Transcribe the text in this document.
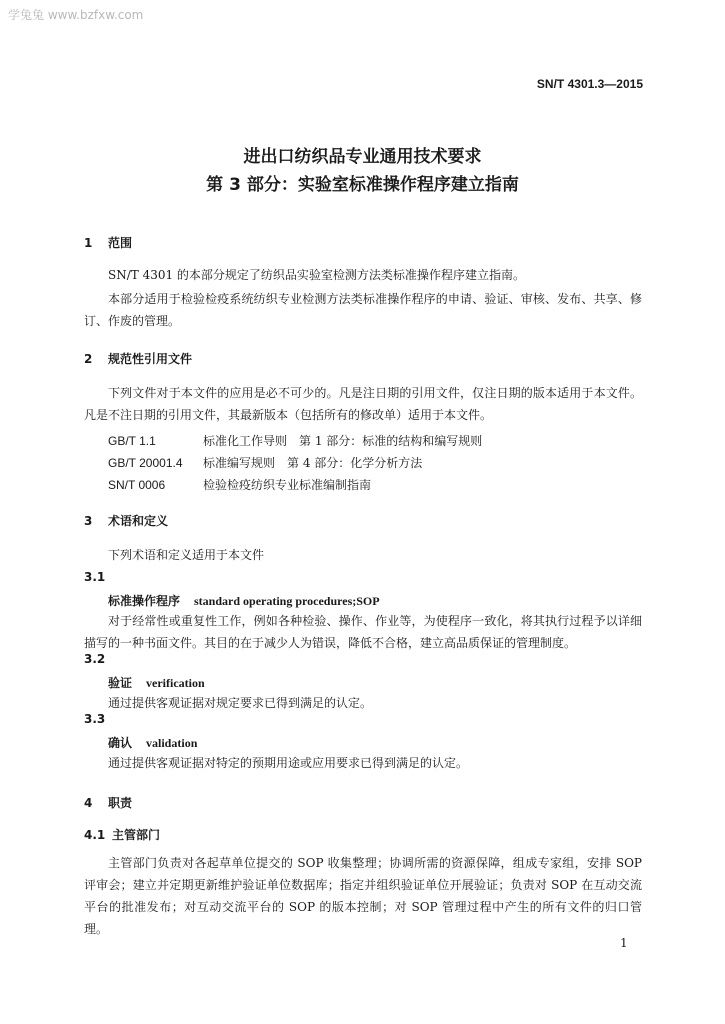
学兔兔 www.bzfxw.com
SN/T 4301.3—2015
进出口纺织品专业通用技术要求
第 3 部分：实验室标准操作程序建立指南
1 范围
SN/T 4301 的本部分规定了纺织品实验室检测方法类标准操作程序建立指南。
本部分适用于检验检疫系统纺织专业检测方法类标准操作程序的申请、验证、审核、发布、共享、修订、作废的管理。
2 规范性引用文件
下列文件对于本文件的应用是必不可少的。凡是注日期的引用文件，仅注日期的版本适用于本文件。凡是不注日期的引用文件，其最新版本（包括所有的修改单）适用于本文件。
GB/T 1.1	标准化工作导则　第 1 部分：标准的结构和编写规则
GB/T 20001.4 标准编写规则　第 4 部分：化学分析方法
SN/T 0006	检验检疫纺织专业标准编制指南
3 术语和定义
下列术语和定义适用于本文件
3.1
标准操作程序 standard operating procedures;SOP
对于经常性或重复性工作，例如各种检验、操作、作业等，为使程序一致化，将其执行过程予以详细描写的一种书面文件。其目的在于减少人为错误，降低不合格，建立高品质保证的管理制度。
3.2
验证 verification
通过提供客观证据对规定要求已得到满足的认定。
3.3
确认 validation
通过提供客观证据对特定的预期用途或应用要求已得到满足的认定。
4 职责
4.1 主管部门
主管部门负责对各起草单位提交的 SOP 收集整理；协调所需的资源保障，组成专家组，安排 SOP 评审会；建立并定期更新维护验证单位数据库；指定并组织验证单位开展验证；负责对 SOP 在互动交流平台的批准发布；对互动交流平台的 SOP 的版本控制；对 SOP 管理过程中产生的所有文件的归口管理。
1
